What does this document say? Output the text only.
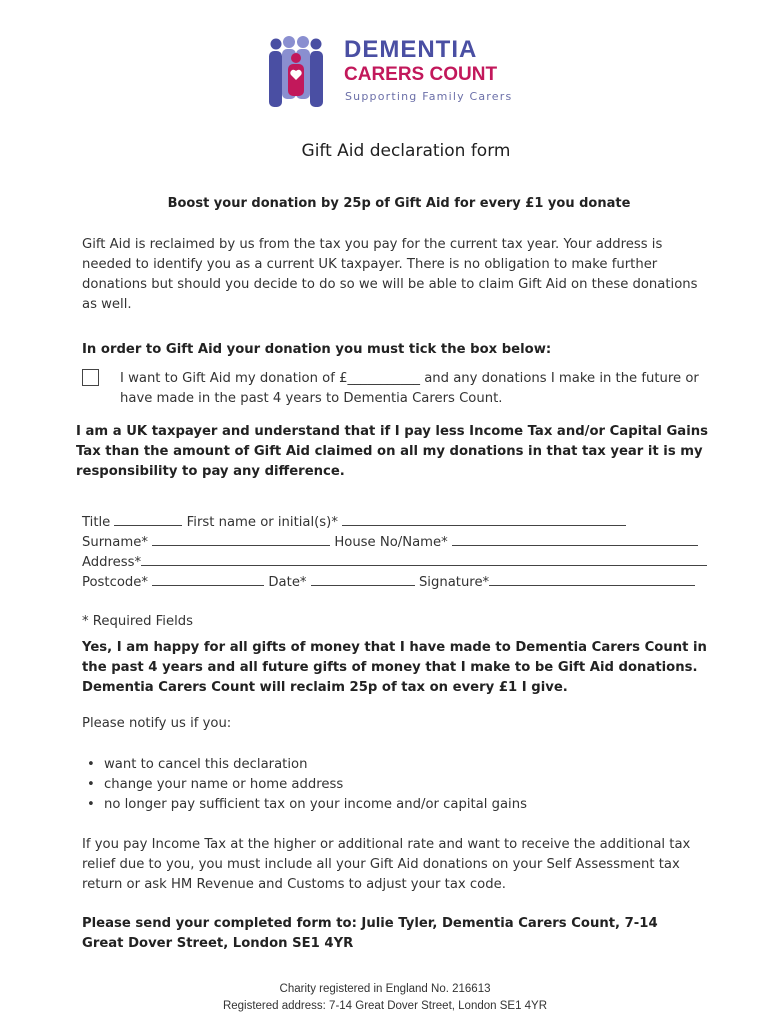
DEMENTIA
CARERS COUNT
Supporting Family Carers
Gift Aid declaration form
Boost your donation by 25p of Gift Aid for every £1 you donate
Gift Aid is reclaimed by us from the tax you pay for the current tax year. Your address is needed to identify you as a current UK taxpayer. There is no obligation to make further donations but should you decide to do so we will be able to claim Gift Aid on these donations as well.
In order to Gift Aid your donation you must tick the box below:
I want to Gift Aid my donation of £___________ and any donations I make in the future or have made in the past 4 years to Dementia Carers Count.
I am a UK taxpayer and understand that if I pay less Income Tax and/or Capital Gains Tax than the amount of Gift Aid claimed on all my donations in that tax year it is my responsibility to pay any difference.
Title	First name or initial(s)*
Surname*	House No/Name*
Address*
Postcode*	Date*	Signature*
* Required Fields
Yes, I am happy for all gifts of money that I have made to Dementia Carers Count in the past 4 years and all future gifts of money that I make to be Gift Aid donations. Dementia Carers Count will reclaim 25p of tax on every £1 I give.
Please notify us if you:
• want to cancel this declaration
• change your name or home address
• no longer pay sufficient tax on your income and/or capital gains
If you pay Income Tax at the higher or additional rate and want to receive the additional tax relief due to you, you must include all your Gift Aid donations on your Self Assessment tax return or ask HM Revenue and Customs to adjust your tax code.
Please send your completed form to: Julie Tyler, Dementia Carers Count, 7-14 Great Dover Street, London SE1 4YR
Charity registered in England No. 216613
Registered address: 7-14 Great Dover Street, London SE1 4YR
